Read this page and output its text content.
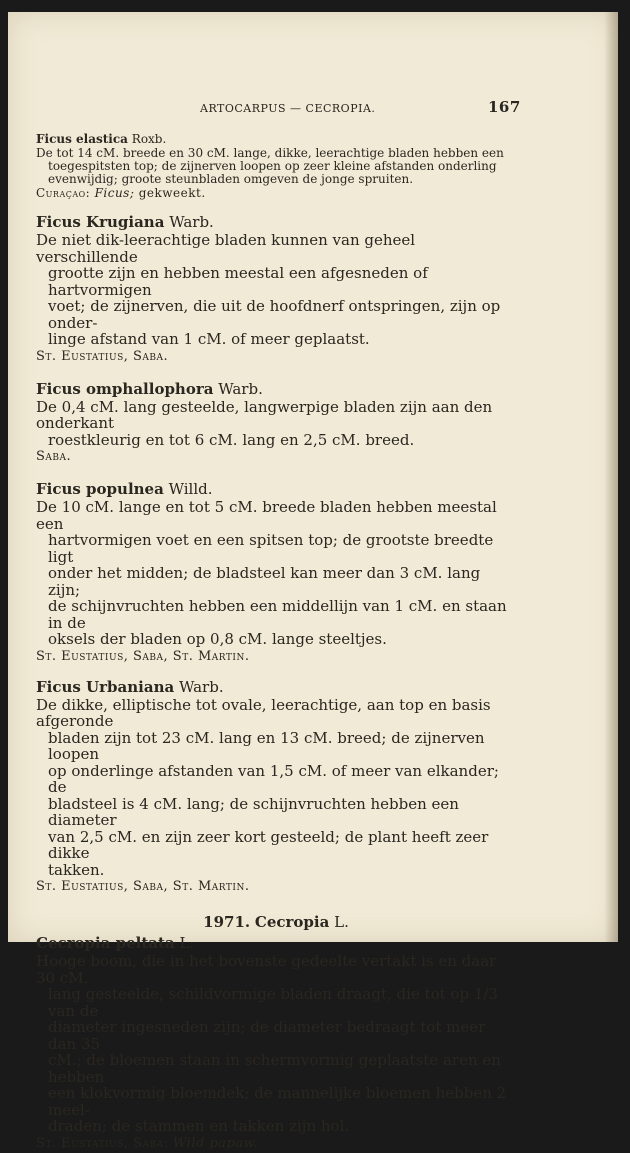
ARTOCARPUS — CECROPIA.	167
Ficus elastica Roxb.
De tot 14 cM. breede en 30 cM. lange, dikke, leerachtige bladen hebben een
toegespitsten top; de zijnerven loopen op zeer kleine afstanden onderling
evenwijdig; groote steunbladen omgeven de jonge spruiten.
Curaçao: Ficus; gekweekt.
Ficus Krugiana Warb.
De niet dik-leerachtige bladen kunnen van geheel verschillende
grootte zijn en hebben meestal een afgesneden of hartvormigen
voet; de zijnerven, die uit de hoofdnerf ontspringen, zijn op onder-
linge afstand van 1 cM. of meer geplaatst.
St. Eustatius, Saba.
Ficus omphallophora Warb.
De 0,4 cM. lang gesteelde, langwerpige bladen zijn aan den onderkant
roestkleurig en tot 6 cM. lang en 2,5 cM. breed.
Saba.
Ficus populnea Willd.
De 10 cM. lange en tot 5 cM. breede bladen hebben meestal een
hartvormigen voet en een spitsen top; de grootste breedte ligt
onder het midden; de bladsteel kan meer dan 3 cM. lang zijn;
de schijnvruchten hebben een middellijn van 1 cM. en staan in de
oksels der bladen op 0,8 cM. lange steeltjes.
St. Eustatius, Saba, St. Martin.
Ficus Urbaniana Warb.
De dikke, elliptische tot ovale, leerachtige, aan top en basis afgeronde
bladen zijn tot 23 cM. lang en 13 cM. breed; de zijnerven loopen
op onderlinge afstanden van 1,5 cM. of meer van elkander; de
bladsteel is 4 cM. lang; de schijnvruchten hebben een diameter
van 2,5 cM. en zijn zeer kort gesteeld; de plant heeft zeer dikke
takken.
St. Eustatius, Saba, St. Martin.
1971. Cecropia L.
Cecropia peltata L.
Hooge boom, die in het bovenste gedeelte vertakt is en daar 30 cM.
lang gesteelde, schildvormige bladen draagt, die tot op 1/3 van de
diameter ingesneden zijn; de diameter bedraagt tot meer dan 35
cM.; de bloemen staan in schermvormig geplaatste aren en hebben
een klokvormig bloemdek; de mannelijke bloemen hebben 2 meel-
draden; de stammen en takken zijn hol.
St. Eustatius, Saba: Wild papaw.
